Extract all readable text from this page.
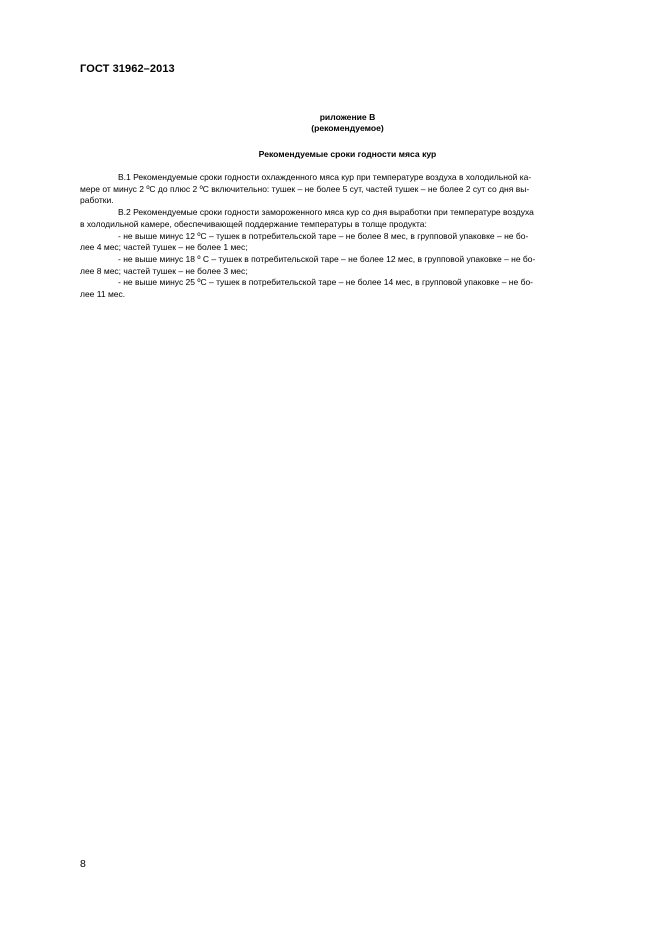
ГОСТ 31962–2013
риложение В
(рекомендуемое)
Рекомендуемые сроки годности мяса кур

В.1 Рекомендуемые сроки годности охлажденного мяса кур при температуре воздуха в холодильной ка-
мере от минус 2 ºС до плюс 2 ºС включительно: тушек – не более 5 сут, частей тушек – не более 2 сут со дня вы-
работки.

В.2 Рекомендуемые сроки годности замороженного мяса кур со дня выработки при температуре воздуха
в холодильной камере, обеспечивающей поддержание температуры в толще продукта:

- не выше минус 12 ºС – тушек в потребительской таре – не более 8 мес, в групповой упаковке – не бо-
лее 4 мес; частей тушек – не более 1 мес;

- не выше минус 18 º С – тушек в потребительской таре – не более 12 мес, в групповой упаковке – не бо-
лее 8 мес; частей тушек – не более 3 мес;

- не выше минус 25 ºС – тушек в потребительской таре – не более 14 мес, в групповой упаковке – не бо-
лее 11 мес.

8
